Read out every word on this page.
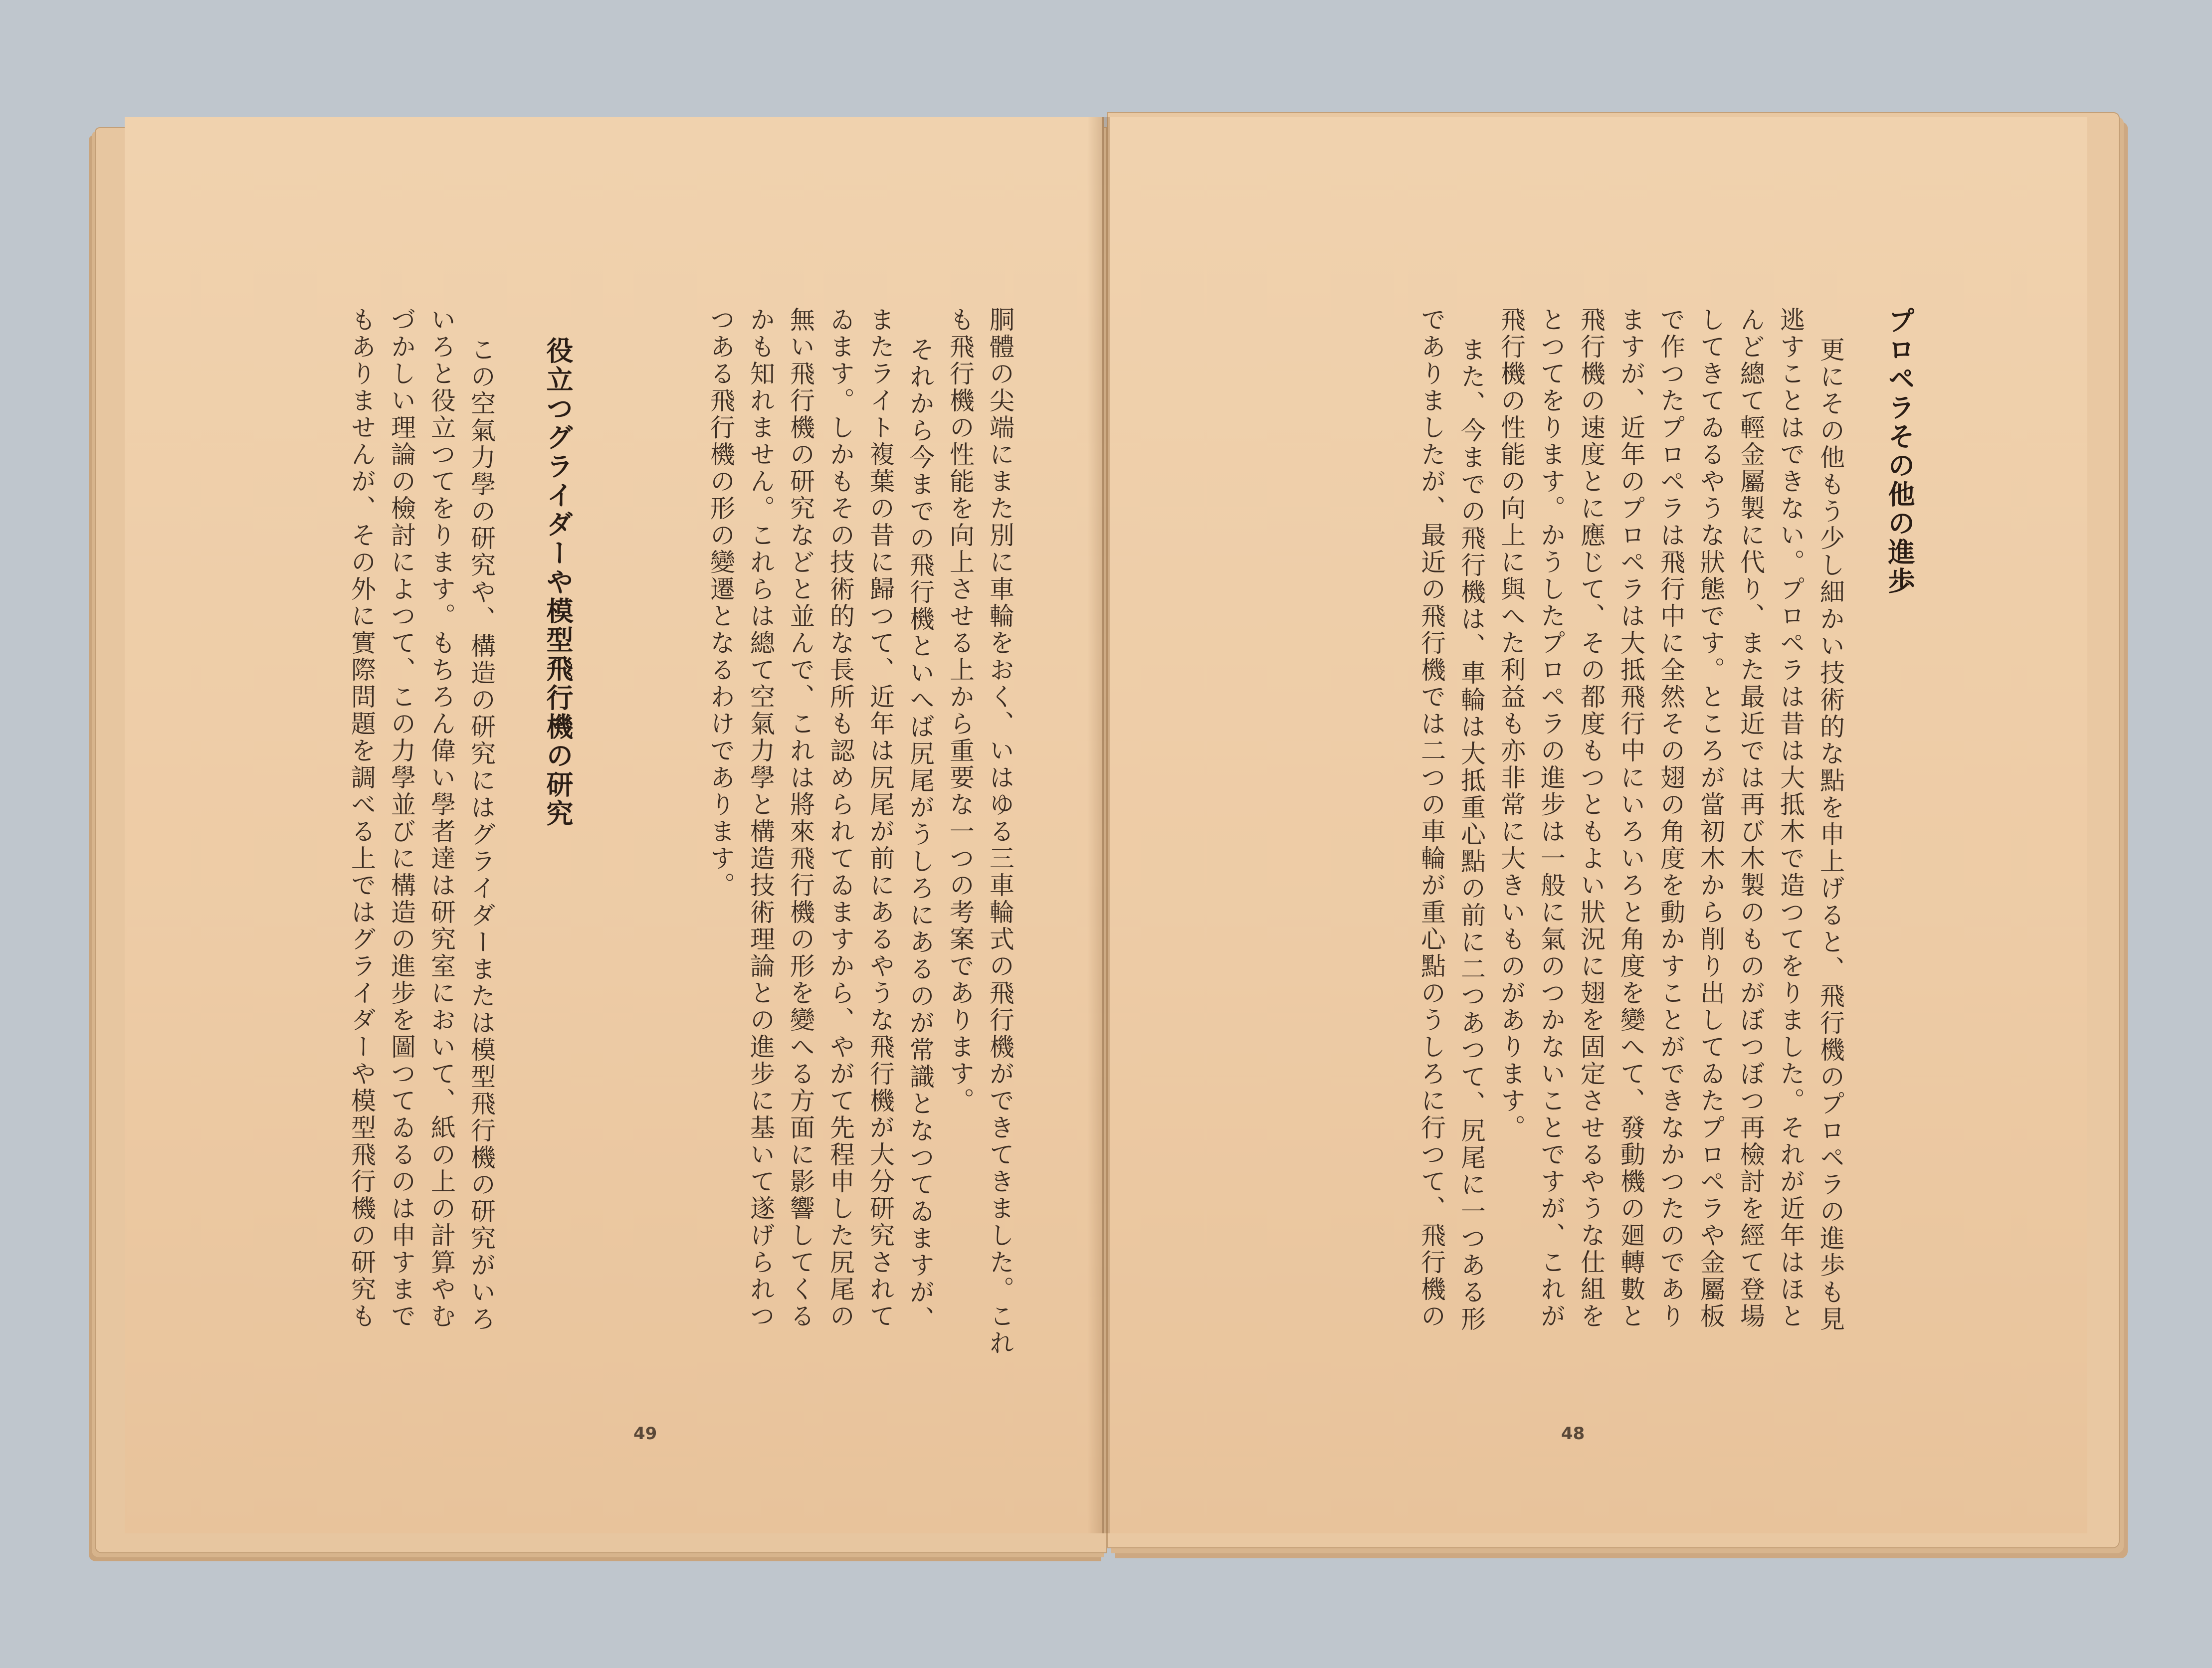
胴體の尖端にまた別に車輪をおく、いはゆる三車輪式の飛行機ができてきました。これ
も飛行機の性能を向上させる上から重要な一つの考案であります。
それから今までの飛行機といへば尻尾がうしろにあるのが常識となつてゐますが、
またライト複葉の昔に歸つて、近年は尻尾が前にあるやうな飛行機が大分研究されて
ゐます。しかもその技術的な長所も認められてゐますから、やがて先程申した尻尾の
無い飛行機の研究などと並んで、これは將來飛行機の形を變へる方面に影響してくる
かも知れません。これらは總て空氣力學と構造技術理論との進步に基いて遂げられつ
つある飛行機の形の變遷となるわけであります。
役立つグライダーや模型飛行機の研究
この空氣力學の研究や、構造の研究にはグライダーまたは模型飛行機の研究がいろ
いろと役立つてをります。もちろん偉い學者達は研究室において、紙の上の計算やむ
づかしい理論の檢討によつて、この力學並びに構造の進步を圖つてゐるのは申すまで
もありませんが、その外に實際問題を調べる上ではグライダーや模型飛行機の研究も
49
プロペラその他の進歩
更にその他もう少し細かい技術的な點を申上げると、飛行機のプロペラの進歩も見
逃すことはできない。プロペラは昔は大抵木で造つてをりました。それが近年はほと
んど總て輕金屬製に代り、また最近では再び木製のものがぼつぼつ再檢討を經て登場
してきてゐるやうな狀態です。ところが當初木から削り出してゐたプロペラや金屬板
で作つたプロペラは飛行中に全然その翅の角度を動かすことができなかつたのであり
ますが、近年のプロペラは大抵飛行中にいろいろと角度を變へて、發動機の廻轉數と
飛行機の速度とに應じて、その都度もつともよい狀況に翅を固定させるやうな仕組を
とつてをります。かうしたプロペラの進步は一般に氣のつかないことですが、これが
飛行機の性能の向上に與へた利益も亦非常に大きいものがあります。
また、今までの飛行機は、車輪は大抵重心點の前に二つあつて、尻尾に一つある形
でありましたが、最近の飛行機では二つの車輪が重心點のうしろに行つて、飛行機の
48
